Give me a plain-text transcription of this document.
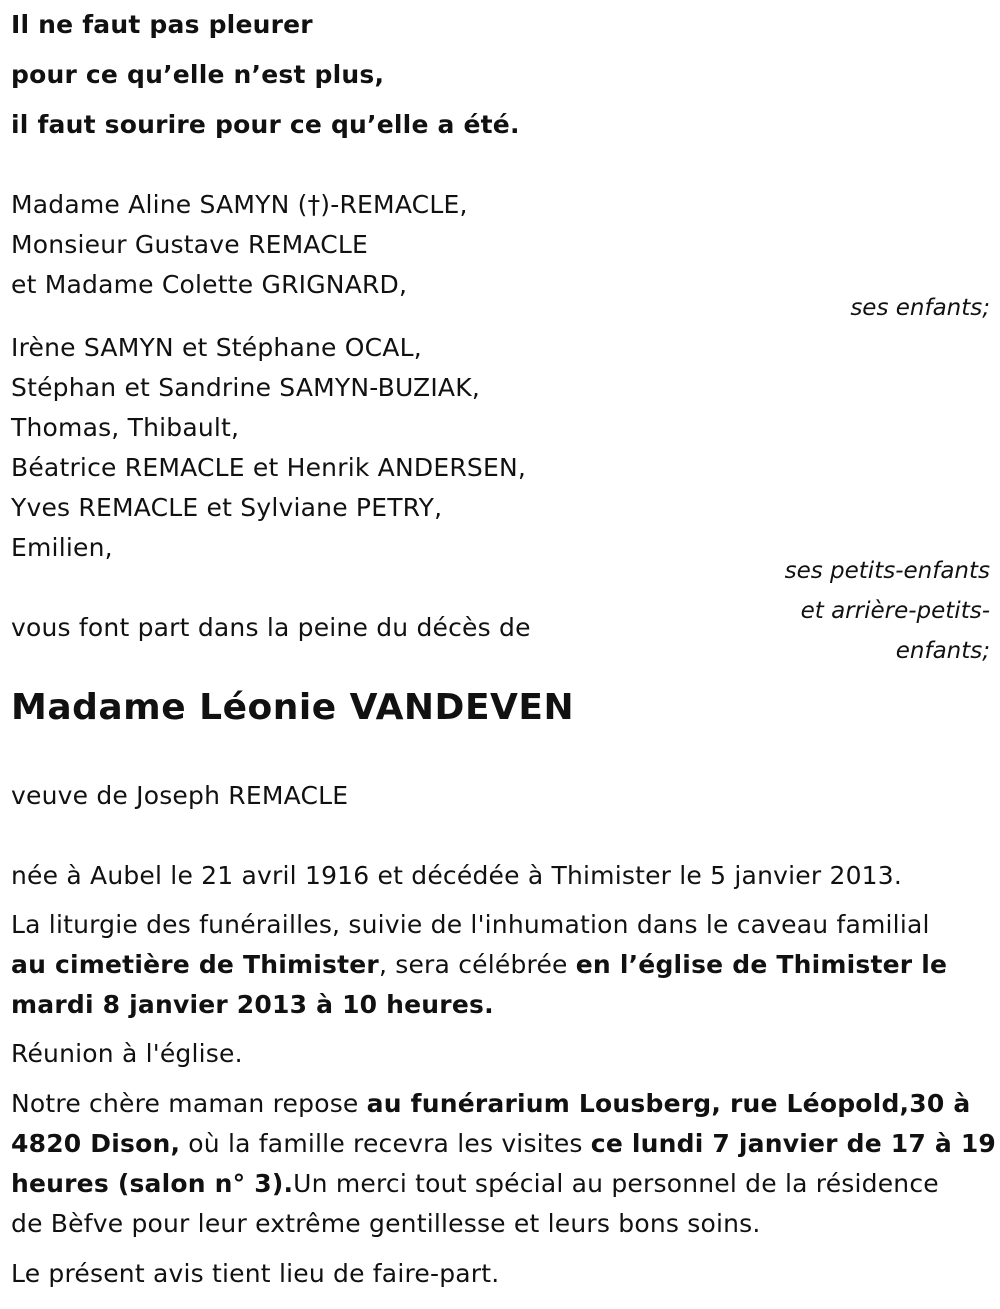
Il ne faut pas pleurer
pour ce qu’elle n’est plus,
il faut sourire pour ce qu’elle a été.
Madame Aline SAMYN (†)-REMACLE,
Monsieur Gustave REMACLE
et Madame Colette GRIGNARD,
ses enfants;
Irène SAMYN et Stéphane OCAL,
Stéphan et Sandrine SAMYN-BUZIAK,
Thomas, Thibault,
Béatrice REMACLE et Henrik ANDERSEN,
Yves REMACLE et Sylviane PETRY,
Emilien,
ses petits-enfants
et arrière-petits-
enfants;
vous font part dans la peine du décès de
Madame Léonie VANDEVEN
veuve de Joseph REMACLE
née à Aubel le 21 avril 1916 et décédée à Thimister le 5 janvier 2013.
La liturgie des funérailles, suivie de l'inhumation dans le caveau familial
au cimetière de Thimister, sera célébrée en l’église de Thimister le
mardi 8 janvier 2013 à 10 heures.
Réunion à l'église.
Notre chère maman repose au funérarium Lousberg, rue Léopold,30 à
4820 Dison, où la famille recevra les visites ce lundi 7 janvier de 17 à 19
heures (salon n° 3).Un merci tout spécial au personnel de la résidence
de Bèfve pour leur extrême gentillesse et leurs bons soins.
Le présent avis tient lieu de faire-part.
